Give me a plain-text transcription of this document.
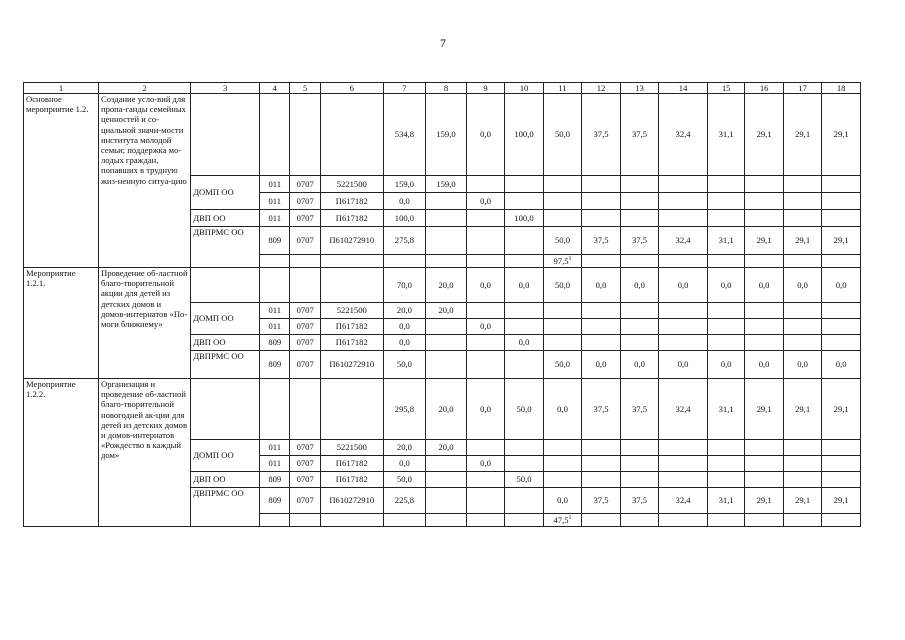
7
1	2	3	4	5	6	7	8	9	10	11	12	13	14	15	16	17	18
Основное мероприятие 1.2.	Создание усло-вий для пропа-ганды семейных ценностей и со-циальной значи-мости института молодой семьи; поддержка мо-лодых граждан, попавших в трудную жиз-ненную ситуа-цию					534,8	159,0	0,0	100,0	50,0	37,5	37,5	32,4	31,1	29,1	29,1	29,1
		ДОМП ОО	011	0707	5221500	159,0	159,0										
			011	0707	П617182	0,0		0,0									
		ДВП ОО	011	0707	П617182	100,0			100,0								
		ДВПРМС ОО	809	0707	П610272910	275,8				50,0	37,5	37,5	32,4	31,1	29,1	29,1	29,1
										97,5$^1$							
Мероприятие 1.2.1.	Проведение об-ластной благо-творительной акции для детей из детских домов и домов-интернатов «По-моги ближнему»					70,0	20,0	0,0	0,0	50,0	0,0	0,0	0,0	0,0	0,0	0,0	0,0
		ДОМП ОО	011	0707	5221500	20,0	20,0										
			011	0707	П617182	0,0		0,0									
		ДВП ОО	809	0707	П617182	0,0			0,0								
		ДВПРМС ОО	809	0707	П610272910	50,0				50,0	0,0	0,0	0,0	0,0	0,0	0,0	0,0
Мероприятие 1.2.2.	Организация и проведение об-ластной благо-творительной новогодней ак-ции для детей из детских домов и домов-интернатов «Рождество в каждый дом»					295,8	20,0	0,0	50,0	0,0	37,5	37,5	32,4	31,1	29,1	29,1	29,1
		ДОМП ОО	011	0707	5221500	20,0	20,0										
			011	0707	П617182	0,0		0,0									
		ДВП ОО	809	0707	П617182	50,0			50,0								
		ДВПРМС ОО	809	0707	П610272910	225,8				0,0	37,5	37,5	32,4	31,1	29,1	29,1	29,1
										47,5$^1$							
